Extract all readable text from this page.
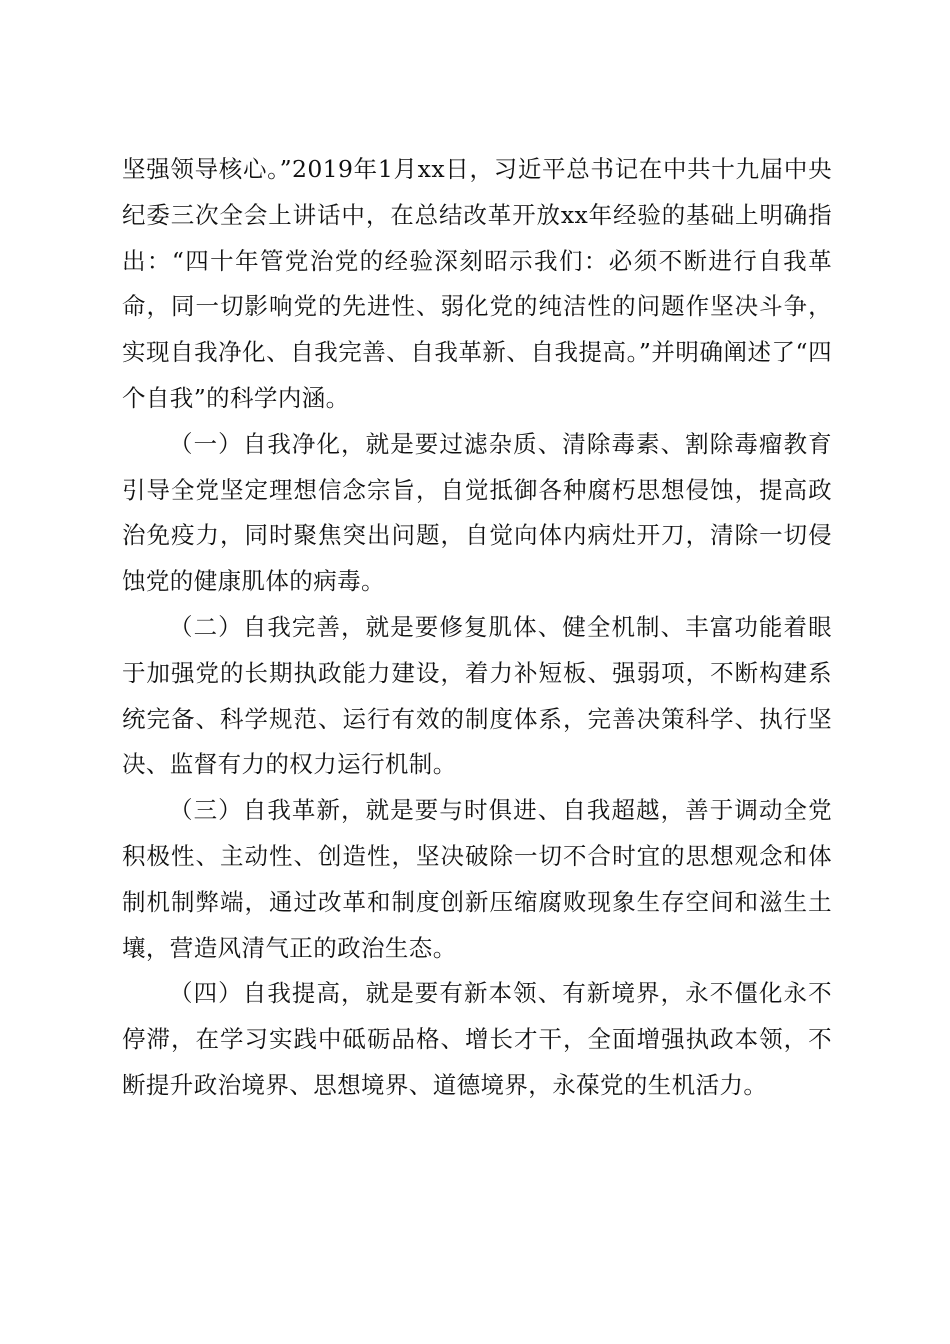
坚强领导核心。”2019年1月xx日，习近平总书记在中共十九届中央纪委三次全会上讲话中，在总结改革开放xx年经验的基础上明确指出：“四十年管党治党的经验深刻昭示我们：必须不断进行自我革命，同一切影响党的先进性、弱化党的纯洁性的问题作坚决斗争，实现自我净化、自我完善、自我革新、自我提高。”并明确阐述了“四个自我”的科学内涵。

（一）自我净化，就是要过滤杂质、清除毒素、割除毒瘤教育引导全党坚定理想信念宗旨，自觉抵御各种腐朽思想侵蚀，提高政治免疫力，同时聚焦突出问题，自觉向体内病灶开刀，清除一切侵蚀党的健康肌体的病毒。

（二）自我完善，就是要修复肌体、健全机制、丰富功能着眼于加强党的长期执政能力建设，着力补短板、强弱项，不断构建系统完备、科学规范、运行有效的制度体系，完善决策科学、执行坚决、监督有力的权力运行机制。

（三）自我革新，就是要与时俱进、自我超越，善于调动全党积极性、主动性、创造性，坚决破除一切不合时宜的思想观念和体制机制弊端，通过改革和制度创新压缩腐败现象生存空间和滋生土壤，营造风清气正的政治生态。

（四）自我提高，就是要有新本领、有新境界，永不僵化永不停滞，在学习实践中砥砺品格、增长才干，全面增强执政本领，不断提升政治境界、思想境界、道德境界，永葆党的生机活力。
